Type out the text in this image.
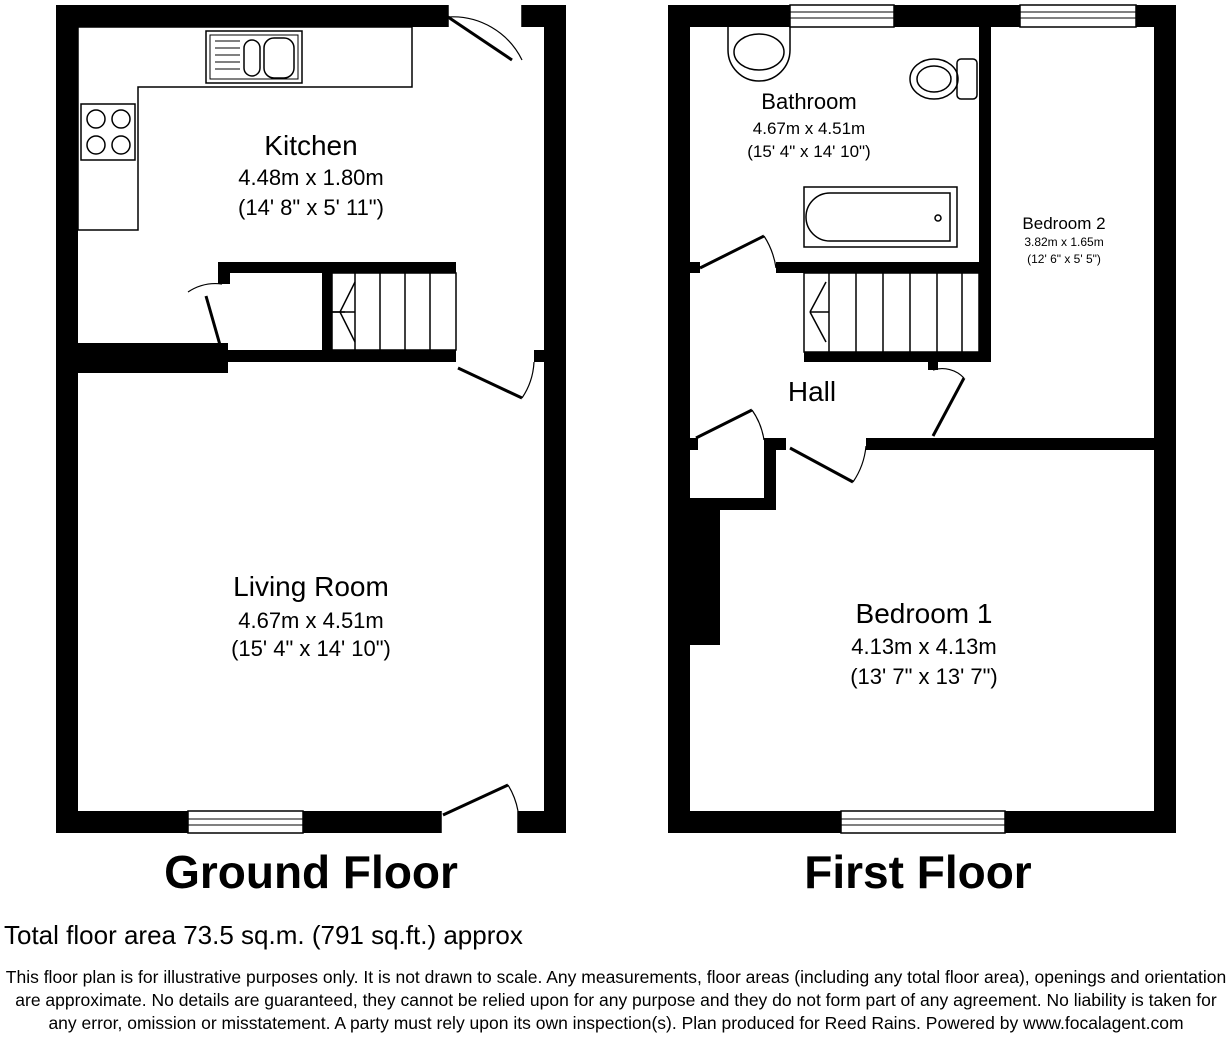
Kitchen
4.48m x 1.80m
(14' 8" x 5' 11")
Living Room
4.67m x 4.51m
(15' 4" x 14' 10")
Ground Floor
Bathroom
4.67m x 4.51m
(15' 4" x 14' 10")
Bedroom 2
3.82m x 1.65m
(12' 6" x 5' 5")
Hall
Bedroom 1
4.13m x 4.13m
(13' 7" x 13' 7")
First Floor
Total floor area 73.5 sq.m. (791 sq.ft.) approx
This floor plan is for illustrative purposes only. It is not drawn to scale. Any measurements, floor areas (including any total floor area), openings and orientation are approximate. No details are guaranteed, they cannot be relied upon for any purpose and they do not form part of any agreement. No liability is taken for any error, omission or misstatement. A party must rely upon its own inspection(s). Plan produced for Reed Rains. Powered by www.focalagent.com
